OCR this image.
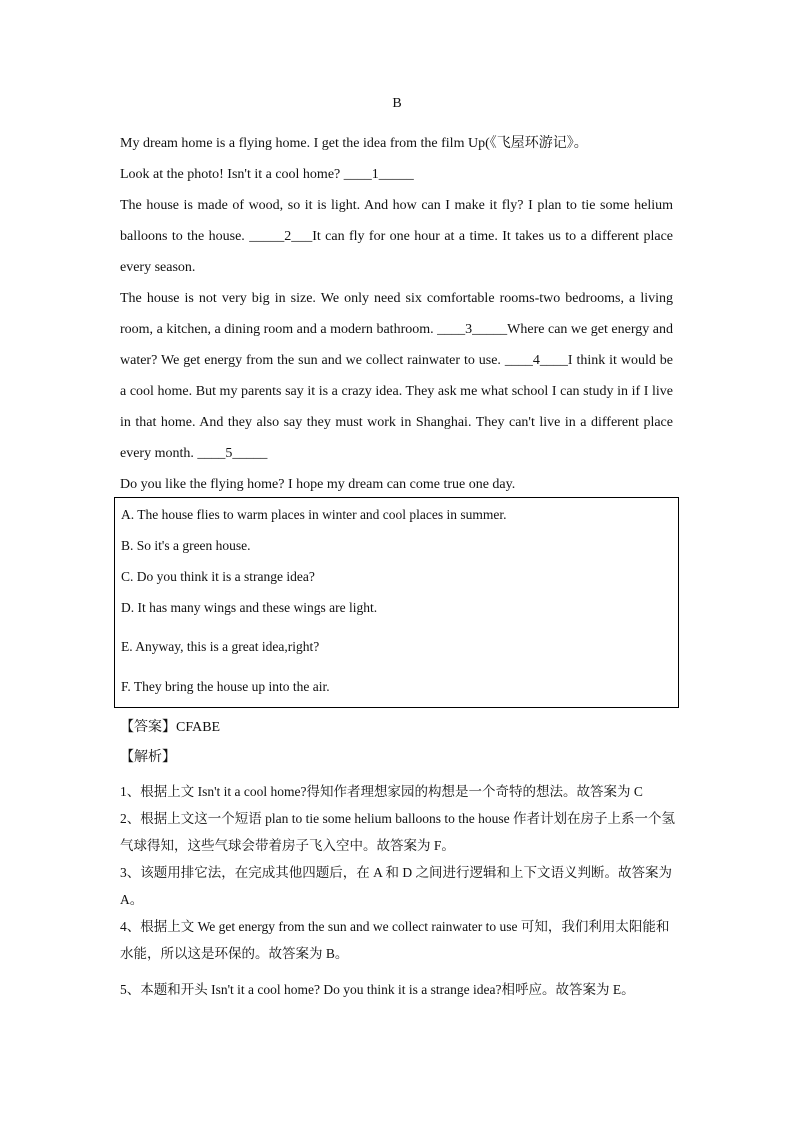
B

My dream home is a flying home. I get the idea from the film Up(《飞屋环游记》。

Look at the photo! Isn't it a cool home? ____1_____

The house is made of wood, so it is light. And how can I make it fly? I plan to tie some helium balloons to the house. _____2___It can fly for one hour at a time. It takes us to a different place every season.

The house is not very big in size. We only need six comfortable rooms-two bedrooms, a living room, a kitchen, a dining room and a modern bathroom. ____3_____Where can we get energy and water? We get energy from the sun and we collect rainwater to use. ____4____I think it would be a cool home. But my parents say it is a crazy idea. They ask me what school I can study in if I live in that home. And they also say they must work in Shanghai. They can't live in a different place every month. ____5_____

Do you like the flying home? I hope my dream can come true one day.

A. The house flies to warm places in winter and cool places in summer.
B. So it's a green house.
C. Do you think it is a strange idea?
D. It has many wings and these wings are light.
E. Anyway, this is a great idea,right?
F. They bring the house up into the air.
【答案】CFABE
【解析】
1、根据上文 Isn't it a cool home?得知作者理想家园的构想是一个奇特的想法。故答案为 C
2、根据上文这一个短语 plan to tie some helium balloons to the house 作者计划在房子上系一个氢气球得知，这些气球会带着房子飞入空中。故答案为 F。
3、该题用排它法，在完成其他四题后，在 A 和 D 之间进行逻辑和上下文语义判断。故答案为 A。
4、根据上文 We get energy from the sun and we collect rainwater to use 可知，我们利用太阳能和水能，所以这是环保的。故答案为 B。
5、本题和开头 Isn't it a cool home? Do you think it is a strange idea?相呼应。故答案为 E。
